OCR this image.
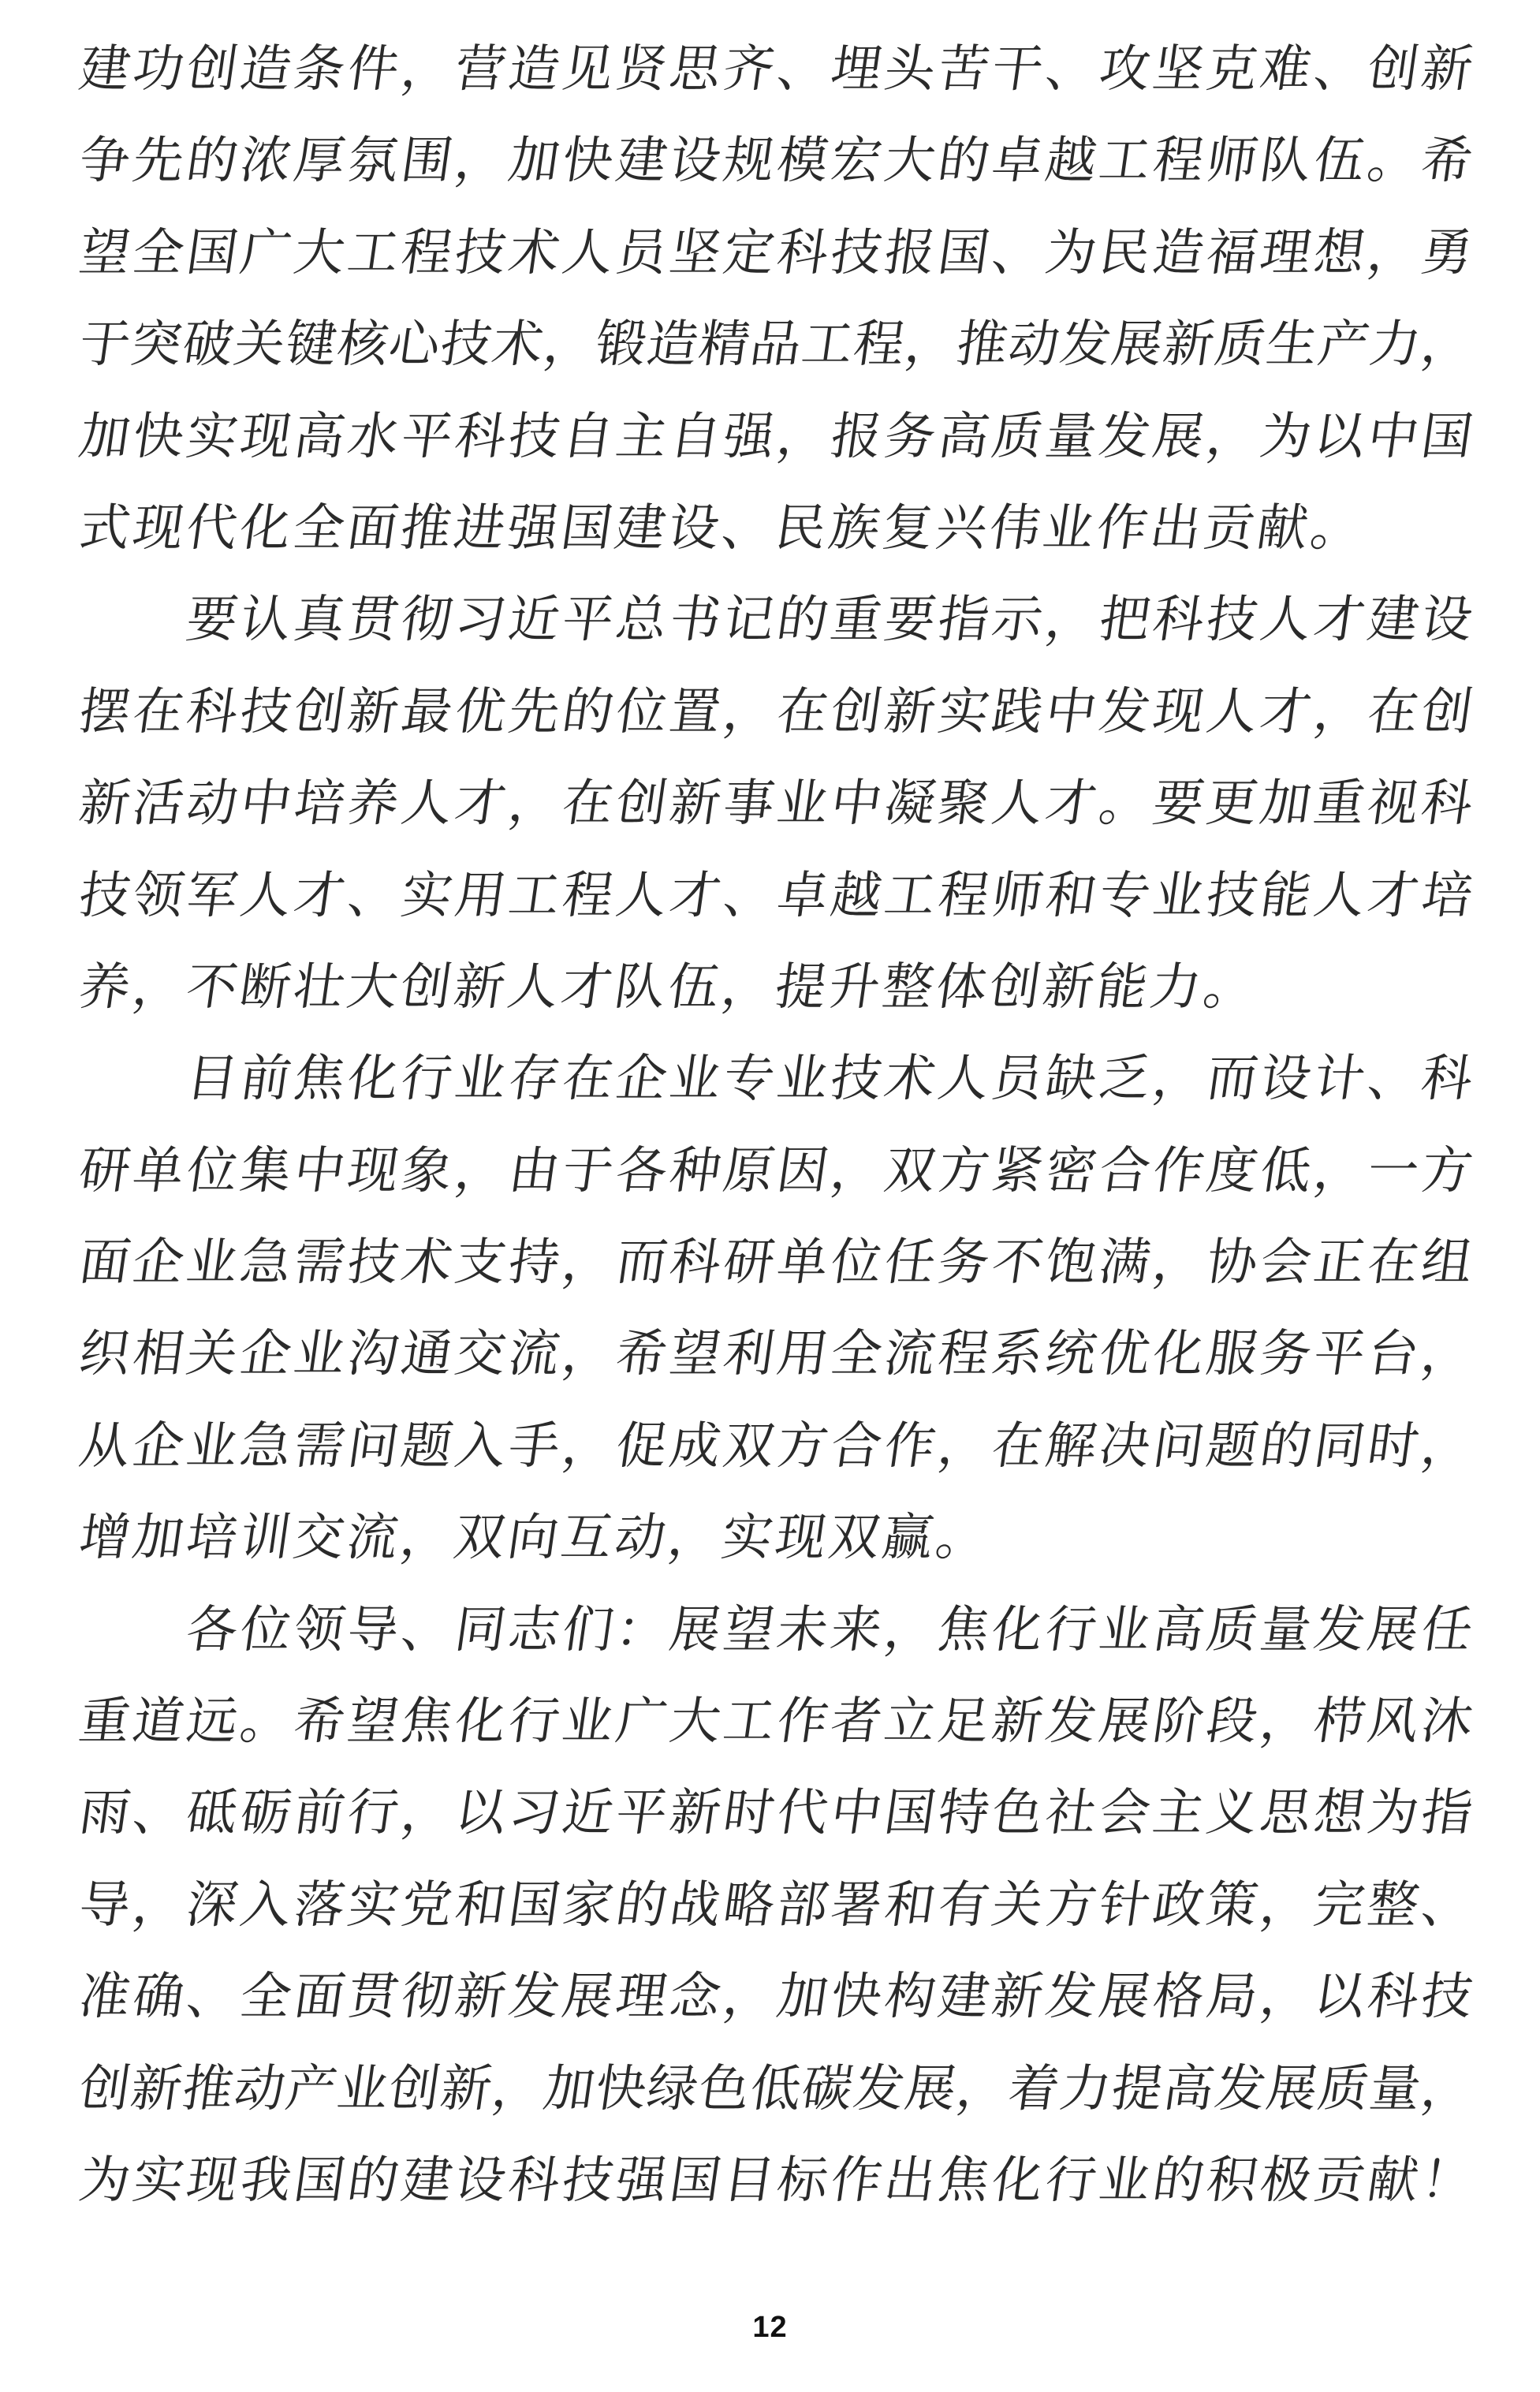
建功创造条件，营造见贤思齐、埋头苦干、攻坚克难、创新
争先的浓厚氛围，加快建设规模宏大的卓越工程师队伍。希
望全国广大工程技术人员坚定科技报国、为民造福理想，勇
于突破关键核心技术，锻造精品工程，推动发展新质生产力，
加快实现高水平科技自主自强，报务高质量发展，为以中国
式现代化全面推进强国建设、民族复兴伟业作出贡献。
要认真贯彻习近平总书记的重要指示，把科技人才建设
摆在科技创新最优先的位置，在创新实践中发现人才，在创
新活动中培养人才，在创新事业中凝聚人才。要更加重视科
技领军人才、实用工程人才、卓越工程师和专业技能人才培
养，不断壮大创新人才队伍，提升整体创新能力。
目前焦化行业存在企业专业技术人员缺乏，而设计、科
研单位集中现象，由于各种原因，双方紧密合作度低，一方
面企业急需技术支持，而科研单位任务不饱满，协会正在组
织相关企业沟通交流，希望利用全流程系统优化服务平台，
从企业急需问题入手，促成双方合作，在解决问题的同时，
增加培训交流，双向互动，实现双赢。
各位领导、同志们：展望未来，焦化行业高质量发展任
重道远。希望焦化行业广大工作者立足新发展阶段，栉风沐
雨、砥砺前行，以习近平新时代中国特色社会主义思想为指
导，深入落实党和国家的战略部署和有关方针政策，完整、
准确、全面贯彻新发展理念，加快构建新发展格局，以科技
创新推动产业创新，加快绿色低碳发展，着力提高发展质量，
为实现我国的建设科技强国目标作出焦化行业的积极贡献！
12
